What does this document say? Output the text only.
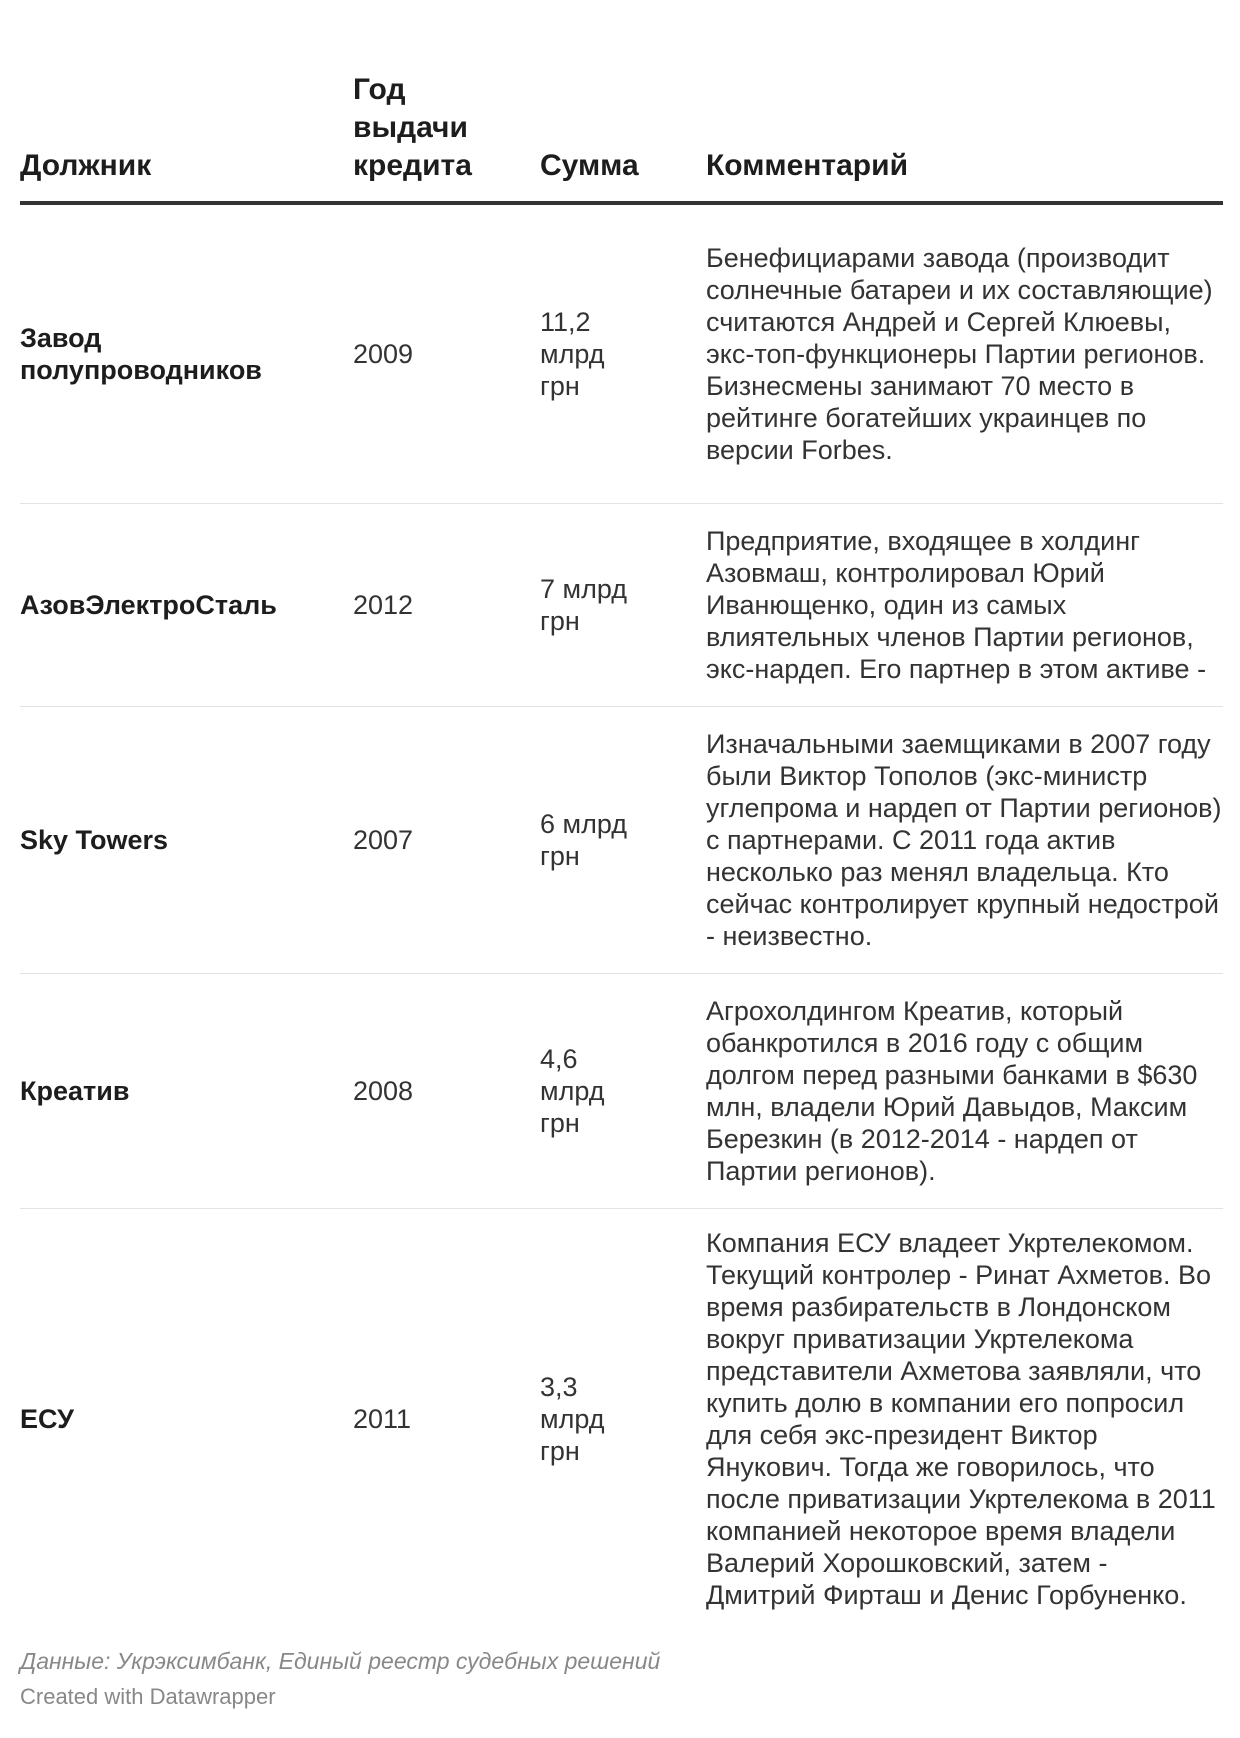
Должник	Год выдачи кредита	Сумма	Комментарий
Завод полупроводников	2009	11,2 млрд грн	Бенефициарами завода (производит солнечные батареи и их составляющие) считаются Андрей и Сергей Клюевы, экс-топ-функционеры Партии регионов. Бизнесмены занимают 70 место в рейтинге богатейших украинцев по версии Forbes.
АзовЭлектроСталь	2012	7 млрд грн	Предприятие, входящее в холдинг Азовмаш, контролировал Юрий Иванющенко, один из самых влиятельных членов Партии регионов, экс-нардеп. Его партнер в этом активе -
Sky Towers	2007	6 млрд грн	Изначальными заемщиками в 2007 году были Виктор Тополов (экс-министр углепрома и нардеп от Партии регионов) с партнерами. С 2011 года актив несколько раз менял владельца. Кто сейчас контролирует крупный недострой - неизвестно.
Креатив	2008	4,6 млрд грн	Агрохолдингом Креатив, который обанкротился в 2016 году с общим долгом перед разными банками в $630 млн, владели Юрий Давыдов, Максим Березкин (в 2012-2014 - нардеп от Партии регионов).
ЕСУ	2011	3,3 млрд грн	Компания ЕСУ владеет Укртелекомом. Текущий контролер - Ринат Ахметов. Во время разбирательств в Лондонском вокруг приватизации Укртелекома представители Ахметова заявляли, что купить долю в компании его попросил для себя экс-президент Виктор Янукович. Тогда же говорилось, что после приватизации Укртелекома в 2011 компанией некоторое время владели Валерий Хорошковский, затем - Дмитрий Фирташ и Денис Горбуненко.
Данные: Укрэксимбанк, Единый реестр судебных решений
Created with Datawrapper
